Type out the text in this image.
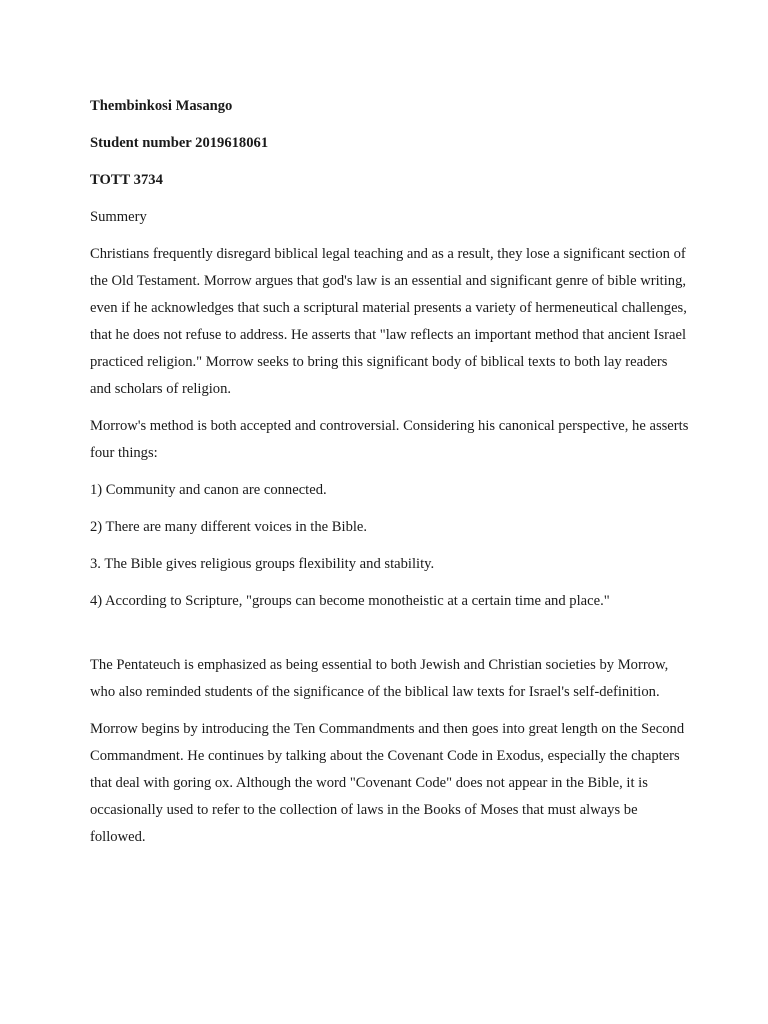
Thembinkosi Masango

Student number 2019618061

TOTT 3734

Summery

Christians frequently disregard biblical legal teaching and as a result, they lose a significant section of the Old Testament. Morrow argues that god's law is an essential and significant genre of bible writing, even if he acknowledges that such a scriptural material presents a variety of hermeneutical challenges, that he does not refuse to address. He asserts that "law reflects an important method that ancient Israel practiced religion." Morrow seeks to bring this significant body of biblical texts to both lay readers and scholars of religion.

Morrow's method is both accepted and controversial. Considering his canonical perspective, he asserts four things:

1) Community and canon are connected.

2) There are many different voices in the Bible.

3. The Bible gives religious groups flexibility and stability.

4) According to Scripture, "groups can become monotheistic at a certain time and place."

The Pentateuch is emphasized as being essential to both Jewish and Christian societies by Morrow, who also reminded students of the significance of the biblical law texts for Israel's self-definition.

Morrow begins by introducing the Ten Commandments and then goes into great length on the Second Commandment. He continues by talking about the Covenant Code in Exodus, especially the chapters that deal with goring ox. Although the word "Covenant Code" does not appear in the Bible, it is occasionally used to refer to the collection of laws in the Books of Moses that must always be followed.
